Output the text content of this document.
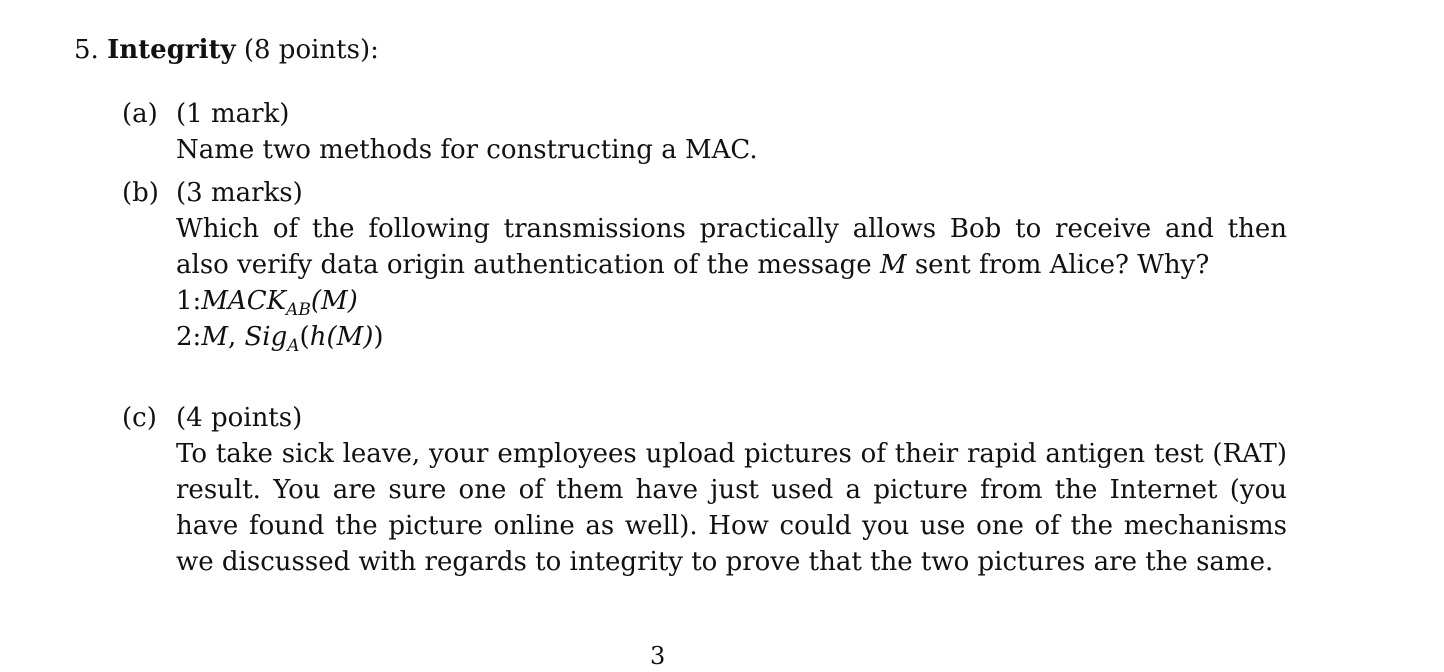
5. Integrity (8 points):
(a) (1 mark)

Name two methods for constructing a MAC.

(b) (3 marks)

Which of the following transmissions practically allows Bob to receive and then also verify data origin authentication of the message M sent from Alice? Why?

$1:MACK_{AB}(M)$

2:M, Sig$_A$(h(M))

(c) (4 points)

To take sick leave, your employees upload pictures of their rapid antigen test (RAT) result. You are sure one of them have just used a picture from the Internet (you have found the picture online as well). How could you use one of the mechanisms we discussed with regards to integrity to prove that the two pictures are the same.

3
